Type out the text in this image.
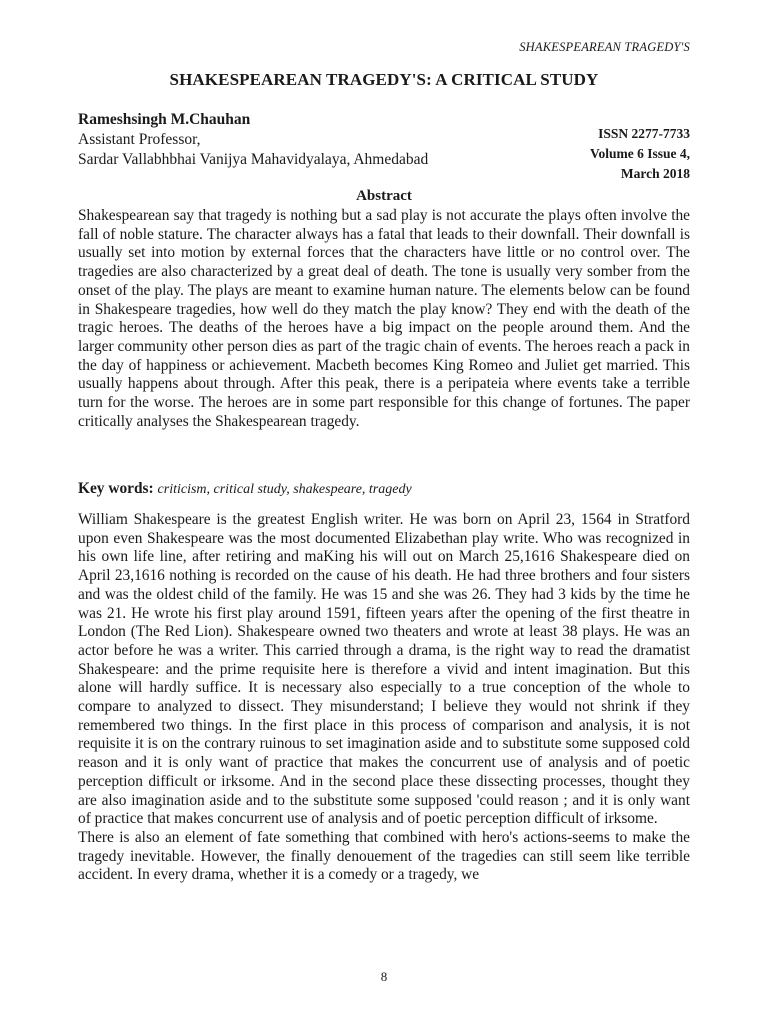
SHAKESPEAREAN TRAGEDY'S
SHAKESPEAREAN TRAGEDY'S: A CRITICAL STUDY
Rameshsingh M.Chauhan
Assistant Professor,
Sardar Vallabhbhai Vanijya Mahavidyalaya, Ahmedabad
ISSN 2277-7733
Volume 6 Issue 4,
March 2018
Abstract

Shakespearean say that tragedy is nothing but a sad play is not accurate the plays often involve the fall of noble stature. The character always has a fatal that leads to their downfall. Their downfall is usually set into motion by external forces that the characters have little or no control over. The tragedies are also characterized by a great deal of death. The tone is usually very somber from the onset of the play. The plays are meant to examine human nature. The elements below can be found in Shakespeare tragedies, how well do they match the play know? They end with the death of the tragic heroes. The deaths of the heroes have a big impact on the people around them. And the larger community other person dies as part of the tragic chain of events. The heroes reach a pack in the day of happiness or achievement. Macbeth becomes King Romeo and Juliet get married. This usually happens about through. After this peak, there is a peripateia where events take a terrible turn for the worse. The heroes are in some part responsible for this change of fortunes. The paper critically analyses the Shakespearean tragedy.

Key words: criticism, critical study, shakespeare, tragedy

William Shakespeare is the greatest English writer. He was born on April 23, 1564 in Stratford upon even Shakespeare was the most documented Elizabethan play write. Who was recognized in his own life line, after retiring and maKing his will out on March 25,1616 Shakespeare died on April 23,1616 nothing is recorded on the cause of his death. He had three brothers and four sisters and was the oldest child of the family. He was 15 and she was 26. They had 3 kids by the time he was 21. He wrote his first play around 1591, fifteen years after the opening of the first theatre in London (The Red Lion). Shakespeare owned two theaters and wrote at least 38 plays. He was an actor before he was a writer. This carried through a drama, is the right way to read the dramatist Shakespeare: and the prime requisite here is therefore a vivid and intent imagination. But this alone will hardly suffice. It is necessary also especially to a true conception of the whole to compare to analyzed to dissect. They misunderstand; I believe they would not shrink if they remembered two things. In the first place in this process of comparison and analysis, it is not requisite it is on the contrary ruinous to set imagination aside and to substitute some supposed cold reason and it is only want of practice that makes the concurrent use of analysis and of poetic perception difficult or irksome. And in the second place these dissecting processes, thought they are also imagination aside and to the substitute some supposed 'could reason ; and it is only want of practice that makes concurrent use of analysis and of poetic perception difficult of irksome.

There is also an element of fate something that combined with hero's actions-seems to make the tragedy inevitable. However, the finally denouement of the tragedies can still seem like terrible accident. In every drama, whether it is a comedy or a tragedy, we

8
